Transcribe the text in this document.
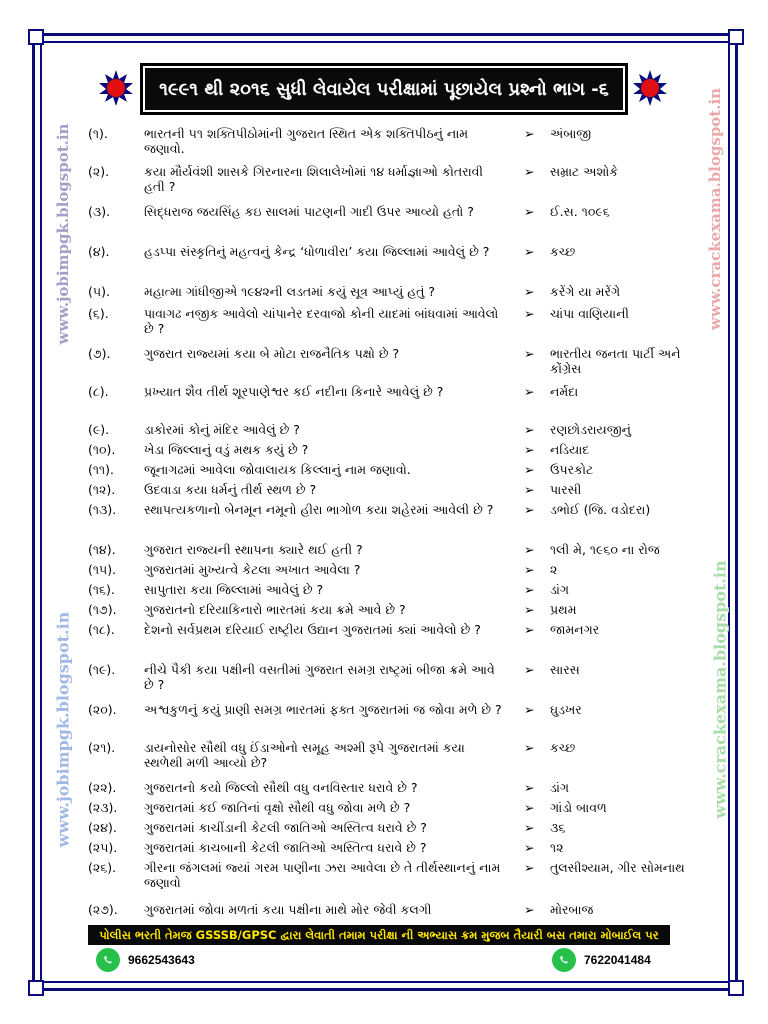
૧૯૯૧ થી ૨૦૧૬ સુધી લેવાયેલ પરીક્ષામાં પૂછાયેલ પ્રશ્નો ભાગ -૬
www.jobimpgk.blogspot.in
www.jobimpgk.blogspot.in
www.crackexama.blogspot.in
www.crackexama.blogspot.in
(૧).	ભારતની ૫૧ શક્તિપીઠોમાંની ગુજરાત સ્થિત એક શક્તિપીઠનું નામ જણાવો.
➢ અંબાજી
(૨).	કયા મૌર્યવંશી શાસકે ગિરનારના શિલાલેખોમાં ૧૪ ધર્માજ્ઞાઓ કોતરાવી હતી ?
➢ સમ્રાટ અશોકે
(૩).	સિદ્ધરાજ જયસિંહ કઇ સાલમાં પાટણની ગાદી ઉપર આવ્યો હતો ?	➢ ઈ.સ. ૧૦૯૬
(૪).	હડપ્પા સંસ્કૃતિનું મહત્વનું કેન્દ્ર ‘ધોળાવીરા’ કયા જિલ્લામાં આવેલું છે ?	➢ કચ્છ
(૫).	મહાત્મા ગાંધીજીએ ૧૯૪૨ની લડતમાં કયું સૂત્ર આપ્યું હતું ?	➢ કરેંગે યા મરેંગે
(૬).	પાવાગઢ નજીક આવેલો ચાંપાનેર દરવાજો કોની યાદમાં બાંધવામાં આવેલો છે ?
➢ ચાંપા વાણિયાની
(૭).	ગુજરાત રાજ્યમાં કયા બે મોટા રાજનૈતિક પક્ષો છે ?	➢ ભારતીય જનતા પાર્ટી અને કોંગ્રેસ
(૮).	પ્રખ્યાત શૈવ તીર્થ શૂરપાણેશ્વર કઈ નદીના કિનારે આવેલું છે ?	➢ નર્મદા
(૯).	ડાકોરમાં કોનું મંદિર આવેલું છે ?	➢ રણછોડરાયજીનું
(૧૦).	ખેડા જિલ્લાનું વડું મથક કયું છે ?	➢ નડિયાદ
(૧૧).	જૂનાગઢમાં આવેલા જોવાલાયક કિલ્લાનું નામ જણાવો.	➢ ઉપરકોટ
(૧૨).	ઉદવાડા કયા ધર્મનું તીર્થ સ્થળ છે ?	➢ પારસી
(૧૩).	સ્થાપત્યકળાનો બેનમૂન નમૂનો હીરા ભાગોળ કયા શહેરમાં આવેલી છે ?	➢ ડભોઈ (જિ. વડોદરા)
(૧૪).	ગુજરાત રાજ્યની સ્થાપના ક્યારે થઈ હતી ?	➢ ૧લી મે, ૧૯૬૦ ના રોજ
(૧૫).	ગુજરાતમાં મુખ્યત્વે કેટલા અખાત આવેલા ?	➢ ૨
(૧૬).	સાપુતારા કયા જિલ્લામાં આવેલું છે ?	➢ ડાંગ
(૧૭).	ગુજરાતનો દરિયાકિનારો ભારતમાં કયા ક્રમે આવે છે ?	➢ પ્રથમ
(૧૮).	દેશનો સર્વપ્રથમ દરિયાઈ રાષ્ટ્રીય ઉદ્યાન ગુજરાતમાં ક્યાં આવેલો છે ?	➢ જામનગર
(૧૯).	નીચે પૈકી કયા પક્ષીની વસતીમાં ગુજરાત સમગ્ર રાષ્ટ્રમાં બીજા ક્રમે આવે છે ?
➢ સારસ
(૨૦).	અશ્વકુળનું કયું પ્રાણી સમગ્ર ભારતમાં ફક્ત ગુજરાતમાં જ જોવા મળે છે ?	➢ ઘુડખર
(૨૧).	ડાયનોસોર સૌથી વધુ ઈંડાઓનો સમૂહ અશ્મી રૂપે ગુજરાતમાં કયા સ્થળેથી મળી આવ્યો છે?
➢ કચ્છ
(૨૨).	ગુજરાતનો કયો જિલ્લો સૌથી વધુ વનવિસ્તાર ધરાવે છે ?	➢ ડાંગ
(૨૩).	ગુજરાતમાં કઈ જાતિનાં વૃક્ષો સૌથી વધુ જોવા મળે છે ?	➢ ગાંડો બાવળ
(૨૪).	ગુજરાતમાં કાચીંડાની કેટલી જાતિઓ અસ્તિત્વ ધરાવે છે ?	➢ ૩૬
(૨૫).	ગુજરાતમાં કાચબાની કેટલી જાતિઓ અસ્તિત્વ ધરાવે છે ?	➢ ૧૨
(૨૬).	ગીરના જંગલમાં જ્યાં ગરમ પાણીના ઝરા આવેલા છે તે તીર્થસ્થાનનું નામ જણાવો
➢ તુલસીશ્યામ, ગીર સોમનાથ
(૨૭).	ગુજરાતમાં જોવા મળતાં કયા પક્ષીના માથે મોર જેવી કલગી	➢ મોરબાજ
પોલીસ ભરતી તેમજ GSSSB/GPSC દ્વારા લેવાતી તમામ પરીક્ષા ની અભ્યાસ ક્રમ મુજબ તૈયારી બસ તમારા મોબાઈલ પર
9662543643	7622041484
